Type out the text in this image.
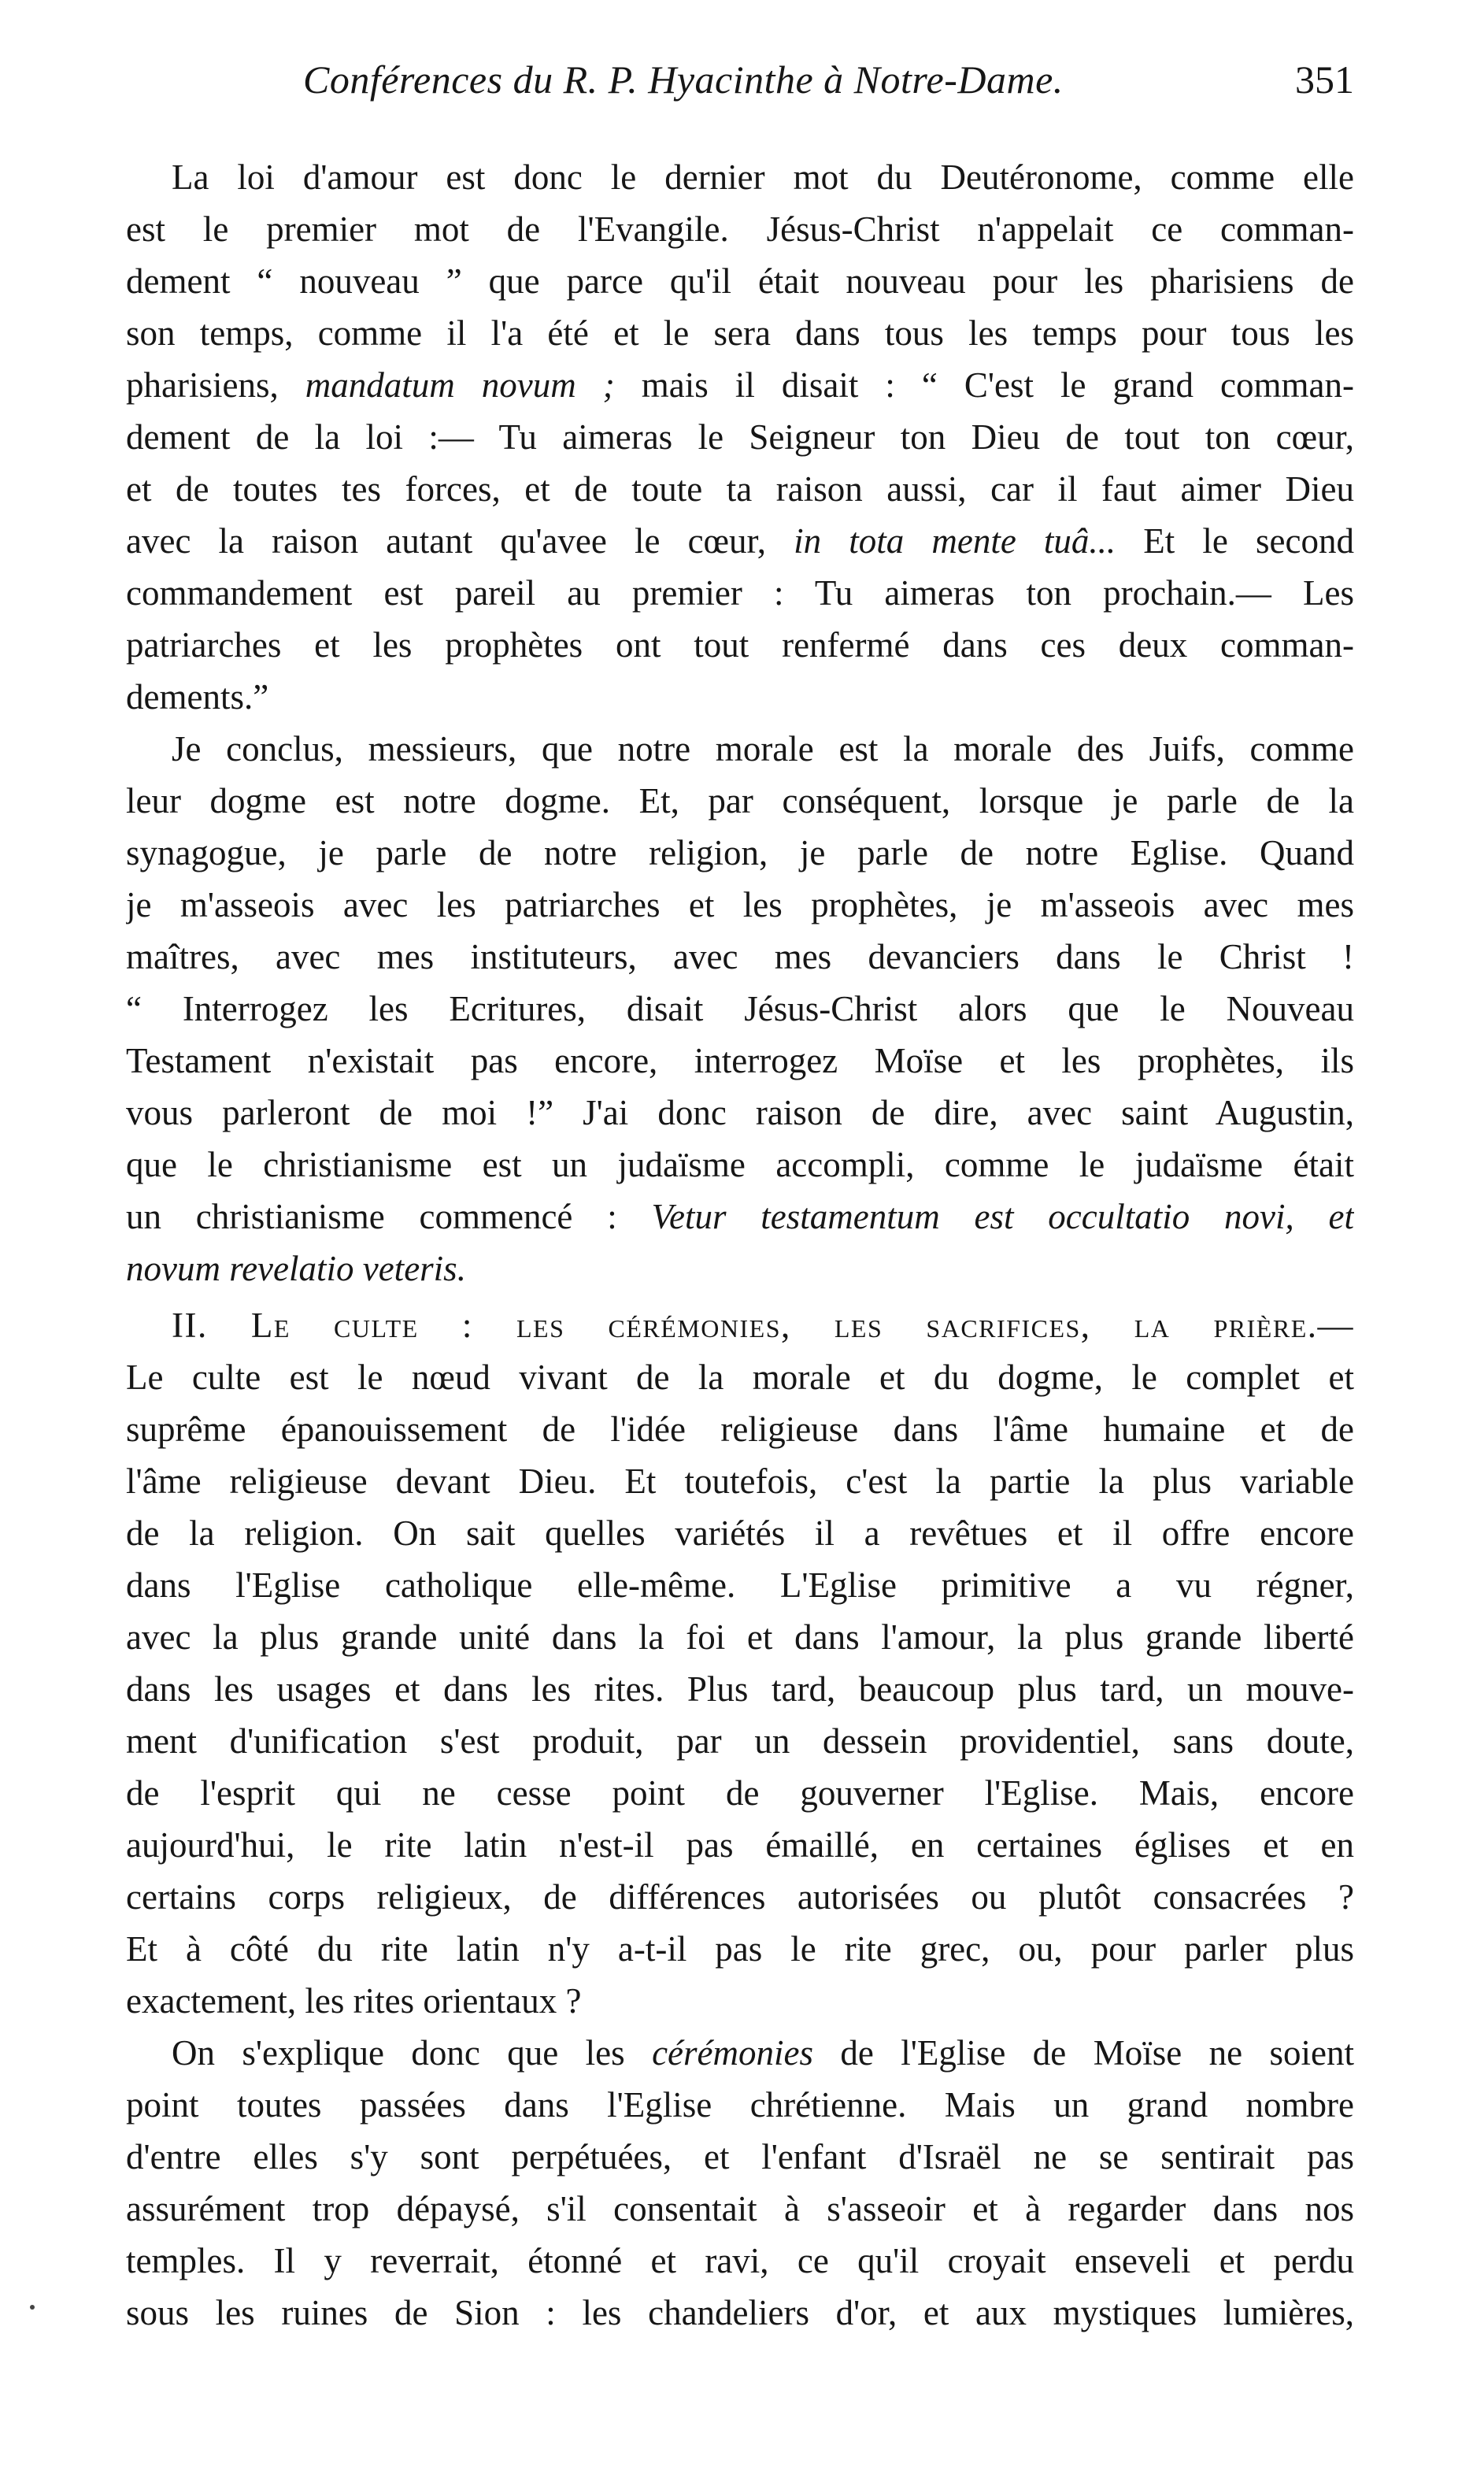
Conférences du R. P. Hyacinthe à Notre-Dame.	351
La loi d'amour est donc le dernier mot du Deutéronome, comme elle
est le premier mot de l'Evangile. Jésus-Christ n'appelait ce comman-
dement “ nouveau ” que parce qu'il était nouveau pour les pharisiens de
son temps, comme il l'a été et le sera dans tous les temps pour tous les
pharisiens, mandatum novum ; mais il disait : “ C'est le grand comman-
dement de la loi :— Tu aimeras le Seigneur ton Dieu de tout ton cœur,
et de toutes tes forces, et de toute ta raison aussi, car il faut aimer Dieu
avec la raison autant qu'avee le cœur, in tota mente tuâ... Et le second
commandement est pareil au premier : Tu aimeras ton prochain.— Les
patriarches et les prophètes ont tout renfermé dans ces deux comman-
dements.”
Je conclus, messieurs, que notre morale est la morale des Juifs, comme
leur dogme est notre dogme. Et, par conséquent, lorsque je parle de la
synagogue, je parle de notre religion, je parle de notre Eglise. Quand
je m'asseois avec les patriarches et les prophètes, je m'asseois avec mes
maîtres, avec mes instituteurs, avec mes devanciers dans le Christ !
“ Interrogez les Ecritures, disait Jésus-Christ alors que le Nouveau
Testament n'existait pas encore, interrogez Moïse et les prophètes, ils
vous parleront de moi !” J'ai donc raison de dire, avec saint Augustin,
que le christianisme est un judaïsme accompli, comme le judaïsme était
un christianisme commencé : Vetur testamentum est occultatio novi, et
novum revelatio veteris.
II. Le culte : les cérémonies, les sacrifices, la prière.—
Le culte est le nœud vivant de la morale et du dogme, le complet et
suprême épanouissement de l'idée religieuse dans l'âme humaine et de
l'âme religieuse devant Dieu. Et toutefois, c'est la partie la plus variable
de la religion. On sait quelles variétés il a revêtues et il offre encore
dans l'Eglise catholique elle-même. L'Eglise primitive a vu régner,
avec la plus grande unité dans la foi et dans l'amour, la plus grande liberté
dans les usages et dans les rites. Plus tard, beaucoup plus tard, un mouve-
ment d'unification s'est produit, par un dessein providentiel, sans doute,
de l'esprit qui ne cesse point de gouverner l'Eglise. Mais, encore
aujourd'hui, le rite latin n'est-il pas émaillé, en certaines églises et en
certains corps religieux, de différences autorisées ou plutôt consacrées ?
Et à côté du rite latin n'y a-t-il pas le rite grec, ou, pour parler plus
exactement, les rites orientaux ?
On s'explique donc que les cérémonies de l'Eglise de Moïse ne soient
point toutes passées dans l'Eglise chrétienne. Mais un grand nombre
d'entre elles s'y sont perpétuées, et l'enfant d'Israël ne se sentirait pas
assurément trop dépaysé, s'il consentait à s'asseoir et à regarder dans nos
temples. Il y reverrait, étonné et ravi, ce qu'il croyait enseveli et perdu
sous les ruines de Sion : les chandeliers d'or, et aux mystiques lumières,
